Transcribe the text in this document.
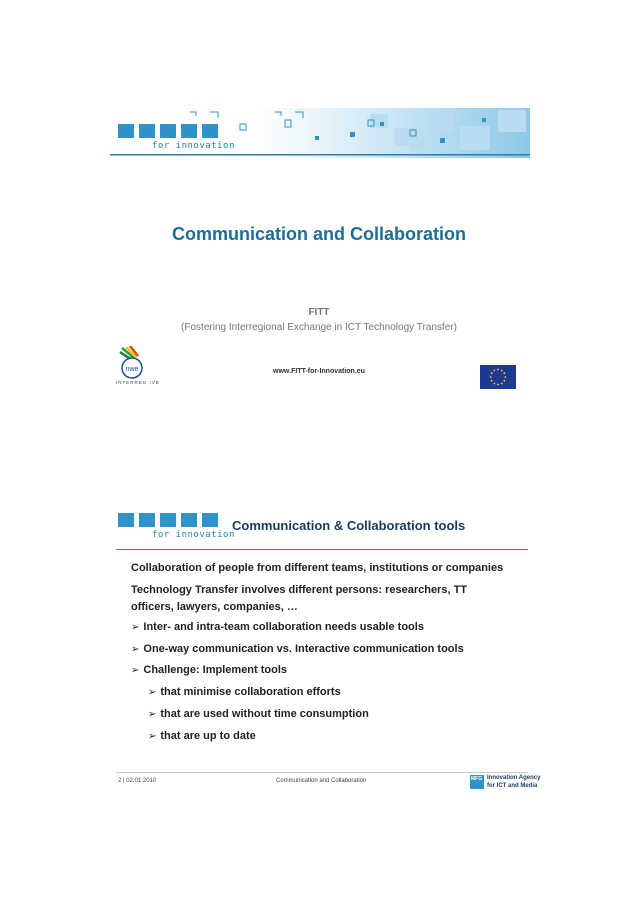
for innovation
Communication and Collaboration
FITT
(Fostering Interregional Exchange in ICT Technology Transfer)
www.FITT-for-Innovation.eu
nwe
INTERREG IVB
for innovation
Communication & Collaboration tools
Collaboration of people from different teams, institutions or companies
Technology Transfer involves different persons: researchers, TT officers, lawyers, companies, …
➢ Inter- and intra-team collaboration needs usable tools
➢ One-way communication vs. Interactive communication tools
➢ Challenge: Implement tools
➢ that minimise collaboration efforts
➢ that are used without time consumption
➢ that are up to date
2 | 02.01.2010	Communication and Collaboration	MFG Innovation Agency
for ICT and Media
